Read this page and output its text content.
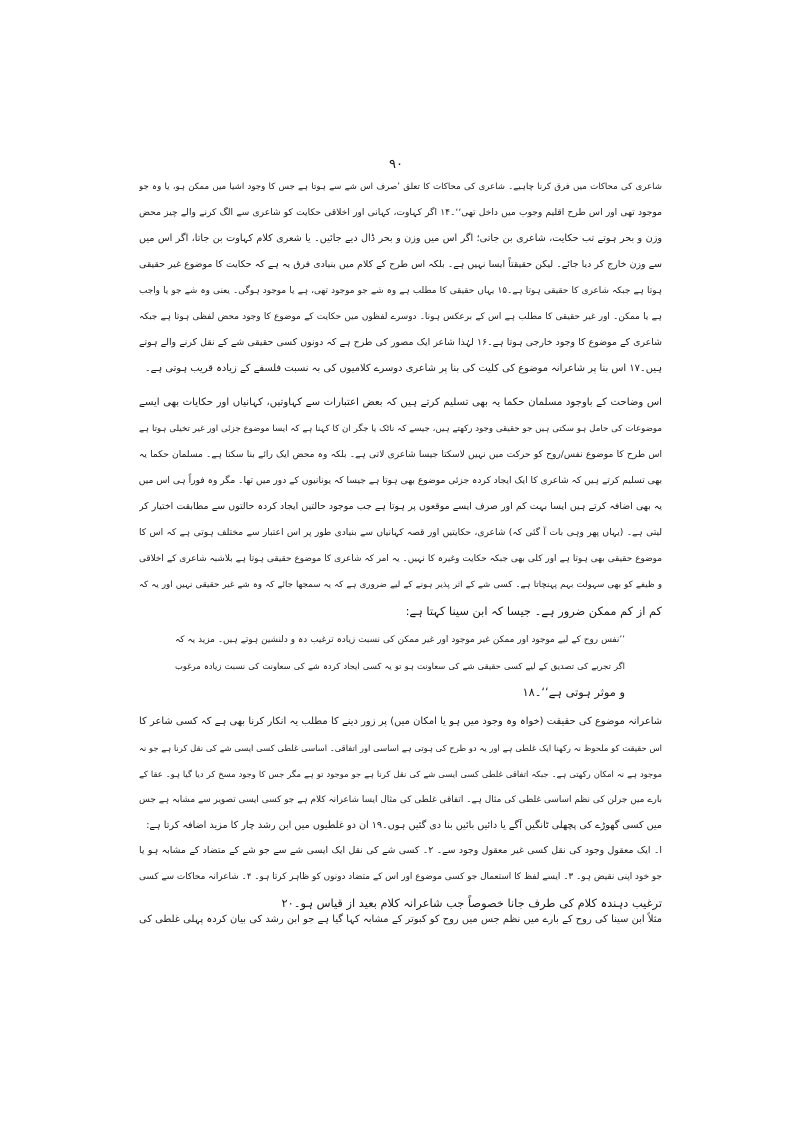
۹۰
شاعری کی محاکات میں فرق کرنا چاہیے۔ شاعری کی محاکات کا تعلق ’صرف اس شے سے ہوتا ہے جس کا وجود اشیا میں ممکن ہو، یا وہ جو
موجود تھی اور اس طرح اقلیم وجوب میں داخل تھی‘‘۔۱۴ اگر کہاوت، کہانی اور اخلاقی حکایت کو شاعری سے الگ کرنے والے چیز محض
وزن و بحر ہوتے تب حکایت، شاعری بن جاتی؛ اگر اس میں وزن و بحر ڈال دیے جائیں۔ یا شعری کلام کہاوت بن جاتا، اگر اس میں
سے وزن خارج کر دیا جائے۔ لیکن حقیقتاً ایسا نہیں ہے۔ بلکہ اس طرح کے کلام میں بنیادی فرق یہ ہے کہ حکایت کا موضوع غیر حقیقی
ہوتا ہے جبکہ شاعری کا حقیقی ہوتا ہے۔۱۵ یہاں حقیقی کا مطلب ہے وہ شے جو موجود تھی، ہے یا موجود ہوگی۔ یعنی وہ شے جو یا واجب
ہے یا ممکن۔ اور غیر حقیقی کا مطلب ہے اس کے برعکس ہونا۔ دوسرے لفظوں میں حکایت کے موضوع کا وجود محض لفظی ہوتا ہے جبکہ
شاعری کے موضوع کا وجود خارجی ہوتا ہے۔۱۶ لہٰذا شاعر ایک مصور کی طرح ہے کہ دونوں کسی حقیقی شے کے نقل کرنے والے ہوتے
ہیں۔۱۷ اس بنا پر شاعرانہ موضوع کی کلیت کی بنا پر شاعری دوسرے کلامیوں کی بہ نسبت فلسفے کے زیادہ قریب ہوتی ہے۔
اس وضاحت کے باوجود مسلمان حکما یہ بھی تسلیم کرتے ہیں کہ بعض اعتبارات سے کہاوتیں، کہانیاں اور حکایات بھی ایسے
موضوعات کی حامل ہو سکتی ہیں جو حقیقی وجود رکھتے ہیں، جیسے کہ ناٹک یا جگر ان کا کہنا ہے کہ ایسا موضوع جزئی اور غیر تخیلی ہوتا ہے
اس طرح کا موضوع نفس/روح کو حرکت میں نہیں لاسکتا جیسا شاعری لاتی ہے۔ بلکہ وہ محض ایک رائے بنا سکتا ہے۔ مسلمان حکما یہ
بھی تسلیم کرتے ہیں کہ شاعری کا ایک ایجاد کردہ جزئی موضوع بھی ہوتا ہے جیسا کہ یونانیوں کے دور میں تھا۔ مگر وہ فوراً ہی اس میں
یہ بھی اضافہ کرتے ہیں ایسا بہت کم اور صرف ایسے موقعوں پر ہوتا ہے جب موجود حالتیں ایجاد کردہ حالتوں سے مطابقت اختیار کر
لیتی ہے۔ (یہاں پھر وہی بات آ گئی کہ) شاعری، حکایتیں اور قصہ کہانیاں سے بنیادی طور پر اس اعتبار سے مختلف ہوتی ہے کہ اس کا
موضوع حقیقی بھی ہوتا ہے اور کلی بھی جبکہ حکایت وغیرہ کا نہیں۔ یہ امر کہ شاعری کا موضوع حقیقی ہوتا ہے بلاشبہ شاعری کے اخلاقی
و ظیفے کو بھی سہولت بہم پہنچاتا ہے۔ کسی شے کے اثر پذیر ہونے کے لیے ضروری ہے کہ یہ سمجھا جائے کہ وہ شے غیر حقیقی نہیں اور یہ کہ
کم از کم ممکن ضرور ہے۔ جیسا کہ ابن سینا کہتا ہے:
’’نفس روح کے لیے موجود اور ممکن غیر موجود اور غیر ممکن کی نسبت زیادہ ترغیب دہ و دلنشین ہوتے ہیں۔ مزید یہ کہ
اگر تجربے کی تصدیق کے لیے کسی حقیقی شے کی سعاونت ہو تو یہ کسی ایجاد کردہ شے کی سعاونت کی نسبت زیادہ مرغوب
و موثر ہوتی ہے‘‘۔۱۸
شاعرانہ موضوع کی حقیقت (خواہ وہ وجود میں ہو یا امکان میں) پر زور دینے کا مطلب یہ انکار کرنا بھی ہے کہ کسی شاعر کا
اس حقیقت کو ملحوظ نہ رکھنا ایک غلطی ہے اور یہ دو طرح کی ہوتی ہے اساسی اور اتفاقی۔ اساسی غلطی کسی ایسی شے کی نقل کرنا ہے جو نہ
موجود ہے نہ امکان رکھتی ہے۔ جبکہ اتفاقی غلطی کسی ایسی شے کی نقل کرنا ہے جو موجود تو ہے مگر جس کا وجود مسخ کر دیا گیا ہو۔ عقا کے
بارے میں جرلن کی نظم اساسی غلطی کی مثال ہے۔ اتفاقی غلطی کی مثال ایسا شاعرانہ کلام ہے جو کسی ایسی تصویر سے مشابہ ہے جس
میں کسی گھوڑے کی پچھلی ٹانگیں آگے یا دائیں بائیں بنا دی گئیں ہوں۔۱۹ ان دو غلطیوں میں ابن رشد چار کا مزید اضافہ کرتا ہے:
ا۔ ایک معقول وجود کی نقل کسی غیر معقول وجود سے۔ ۲۔ کسی شے کی نقل ایک ایسی شے سے جو شے کے متضاد کے مشابہ ہو یا
جو خود اپنی نقیض ہو۔ ۳۔ ایسے لفظ کا استعمال جو کسی موضوع اور اس کے متضاد دونوں کو ظاہر کرتا ہو۔ ۴۔ شاعرانہ محاکات سے کسی
ترغیب دہندہ کلام کی طرف جانا خصوصاً جب شاعرانہ کلام بعید از قیاس ہو۔۲۰
مثلاً ابن سینا کی روح کے بارے میں نظم جس میں روح کو کبوتر کے مشابہ کہا گیا ہے جو ابن رشد کی بیان کردہ پہلی غلطی کی
